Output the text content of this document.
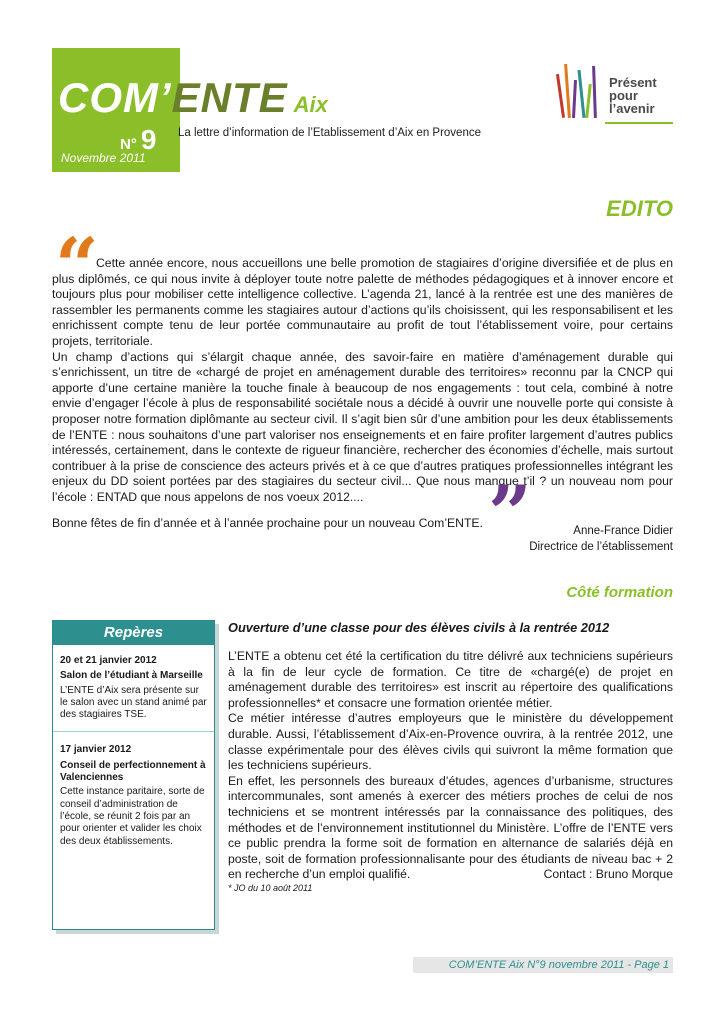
COM’ENTE Aix
N° 9
Novembre 2011
La lettre d’information de l’Etablissement d’Aix en Provence
Présent
pour
l’avenir
EDITO
“

Cette année encore, nous accueillons une belle promotion de stagiaires d’origine diversifiée et de plus en plus diplômés, ce qui nous invite à déployer toute notre palette de méthodes pédagogiques et à innover encore et toujours plus pour mobiliser cette intelligence collective. L’agenda 21, lancé à la rentrée est une des manières de rassembler les permanents comme les stagiaires autour d’actions qu’ils choisissent, qui les responsabilisent et les enrichissent compte tenu de leur portée communautaire au profit de tout l’établissement voire, pour certains projets, territoriale.

Un champ d’actions qui s’élargit chaque année, des savoir-faire en matière d’aménagement durable qui s’enrichissent, un titre de «chargé de projet en aménagement durable des territoires» reconnu par la CNCP qui apporte d’une certaine manière la touche finale à beaucoup de nos engagements : tout cela, combiné à notre envie d’engager l’école à plus de responsabilité sociétale nous a décidé à ouvrir une nouvelle porte qui consiste à proposer notre formation diplômante au secteur civil. Il s’agit bien sûr d’une ambition pour les deux établissements de l’ENTE : nous souhaitons d’une part valoriser nos enseignements et en faire profiter largement d’autres publics intéressés, certainement, dans le contexte de rigueur financière, rechercher des économies d’échelle, mais surtout contribuer à la prise de conscience des acteurs privés et à ce que d’autres pratiques professionnelles intégrant les enjeux du DD soient portées par des stagiaires du secteur civil... Que nous manque t’il ? un nouveau nom pour l’école : ENTAD que nous appelons de nos voeux 2012....

Bonne fêtes de fin d’année et à l’année prochaine pour un nouveau Com’ENTE. ”	Anne-France Didier
Directrice de l’établissement
Côté formation
Repères

20 et 21 janvier 2012

Salon de l’étudiant à Marseille

L’ENTE d’Aix sera présente sur le salon avec un stand animé par des stagiaires TSE.

17 janvier 2012

Conseil de perfectionnement à Valenciennes

Cette instance paritaire, sorte de conseil d’administration de l’école, se réunit 2 fois par an pour orienter et valider les choix des deux établissements.

Ouverture d’une classe pour des élèves civils à la rentrée 2012

L’ENTE a obtenu cet été la certification du titre délivré aux techniciens supérieurs à la fin de leur cycle de formation. Ce titre de «chargé(e) de projet en aménagement durable des territoires» est inscrit au répertoire des qualifications professionnelles* et consacre une formation orientée métier.

Ce métier intéresse d’autres employeurs que le ministère du développement durable. Aussi, l’établissement d’Aix-en-Provence ouvrira, à la rentrée 2012, une classe expérimentale pour des élèves civils qui suivront la même formation que les techniciens supérieurs.

En effet, les personnels des bureaux d’études, agences d’urbanisme, structures intercommunales, sont amenés à exercer des métiers proches de celui de nos techniciens et se montrent intéressés par la connaissance des politiques, des méthodes et de l’environnement institutionnel du Ministère. L’offre de l’ENTE vers ce public prendra la forme soit de formation en alternance de salariés déjà en poste, soit de formation professionnalisante pour des étudiants de niveau bac + 2 en recherche d’un emploi qualifié.	Contact : Bruno Morque
* JO du 10 août 2011
COM’ENTE Aix N°9 novembre 2011 - Page 1
